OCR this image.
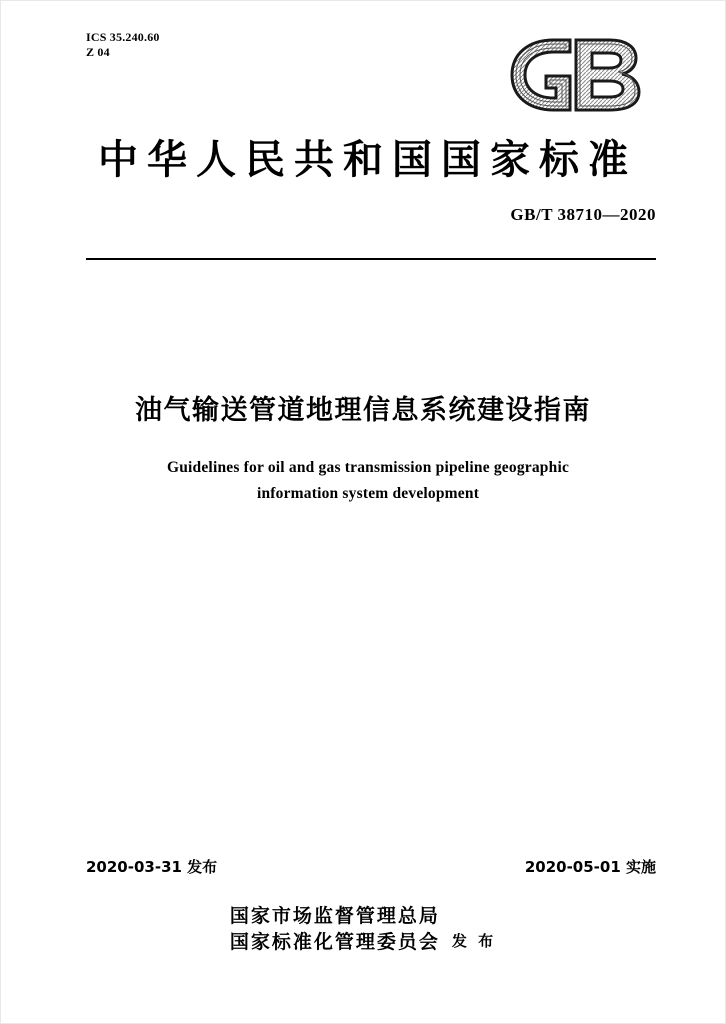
ICS 35.240.60
Z 04
中华人民共和国国家标准
GB/T 38710—2020
油气输送管道地理信息系统建设指南
Guidelines for oil and gas transmission pipeline geographic
information system development
2020-03-31 发布	2020-05-01 实施
国家市场监督管理总局
国家标准化管理委员会 发 布
